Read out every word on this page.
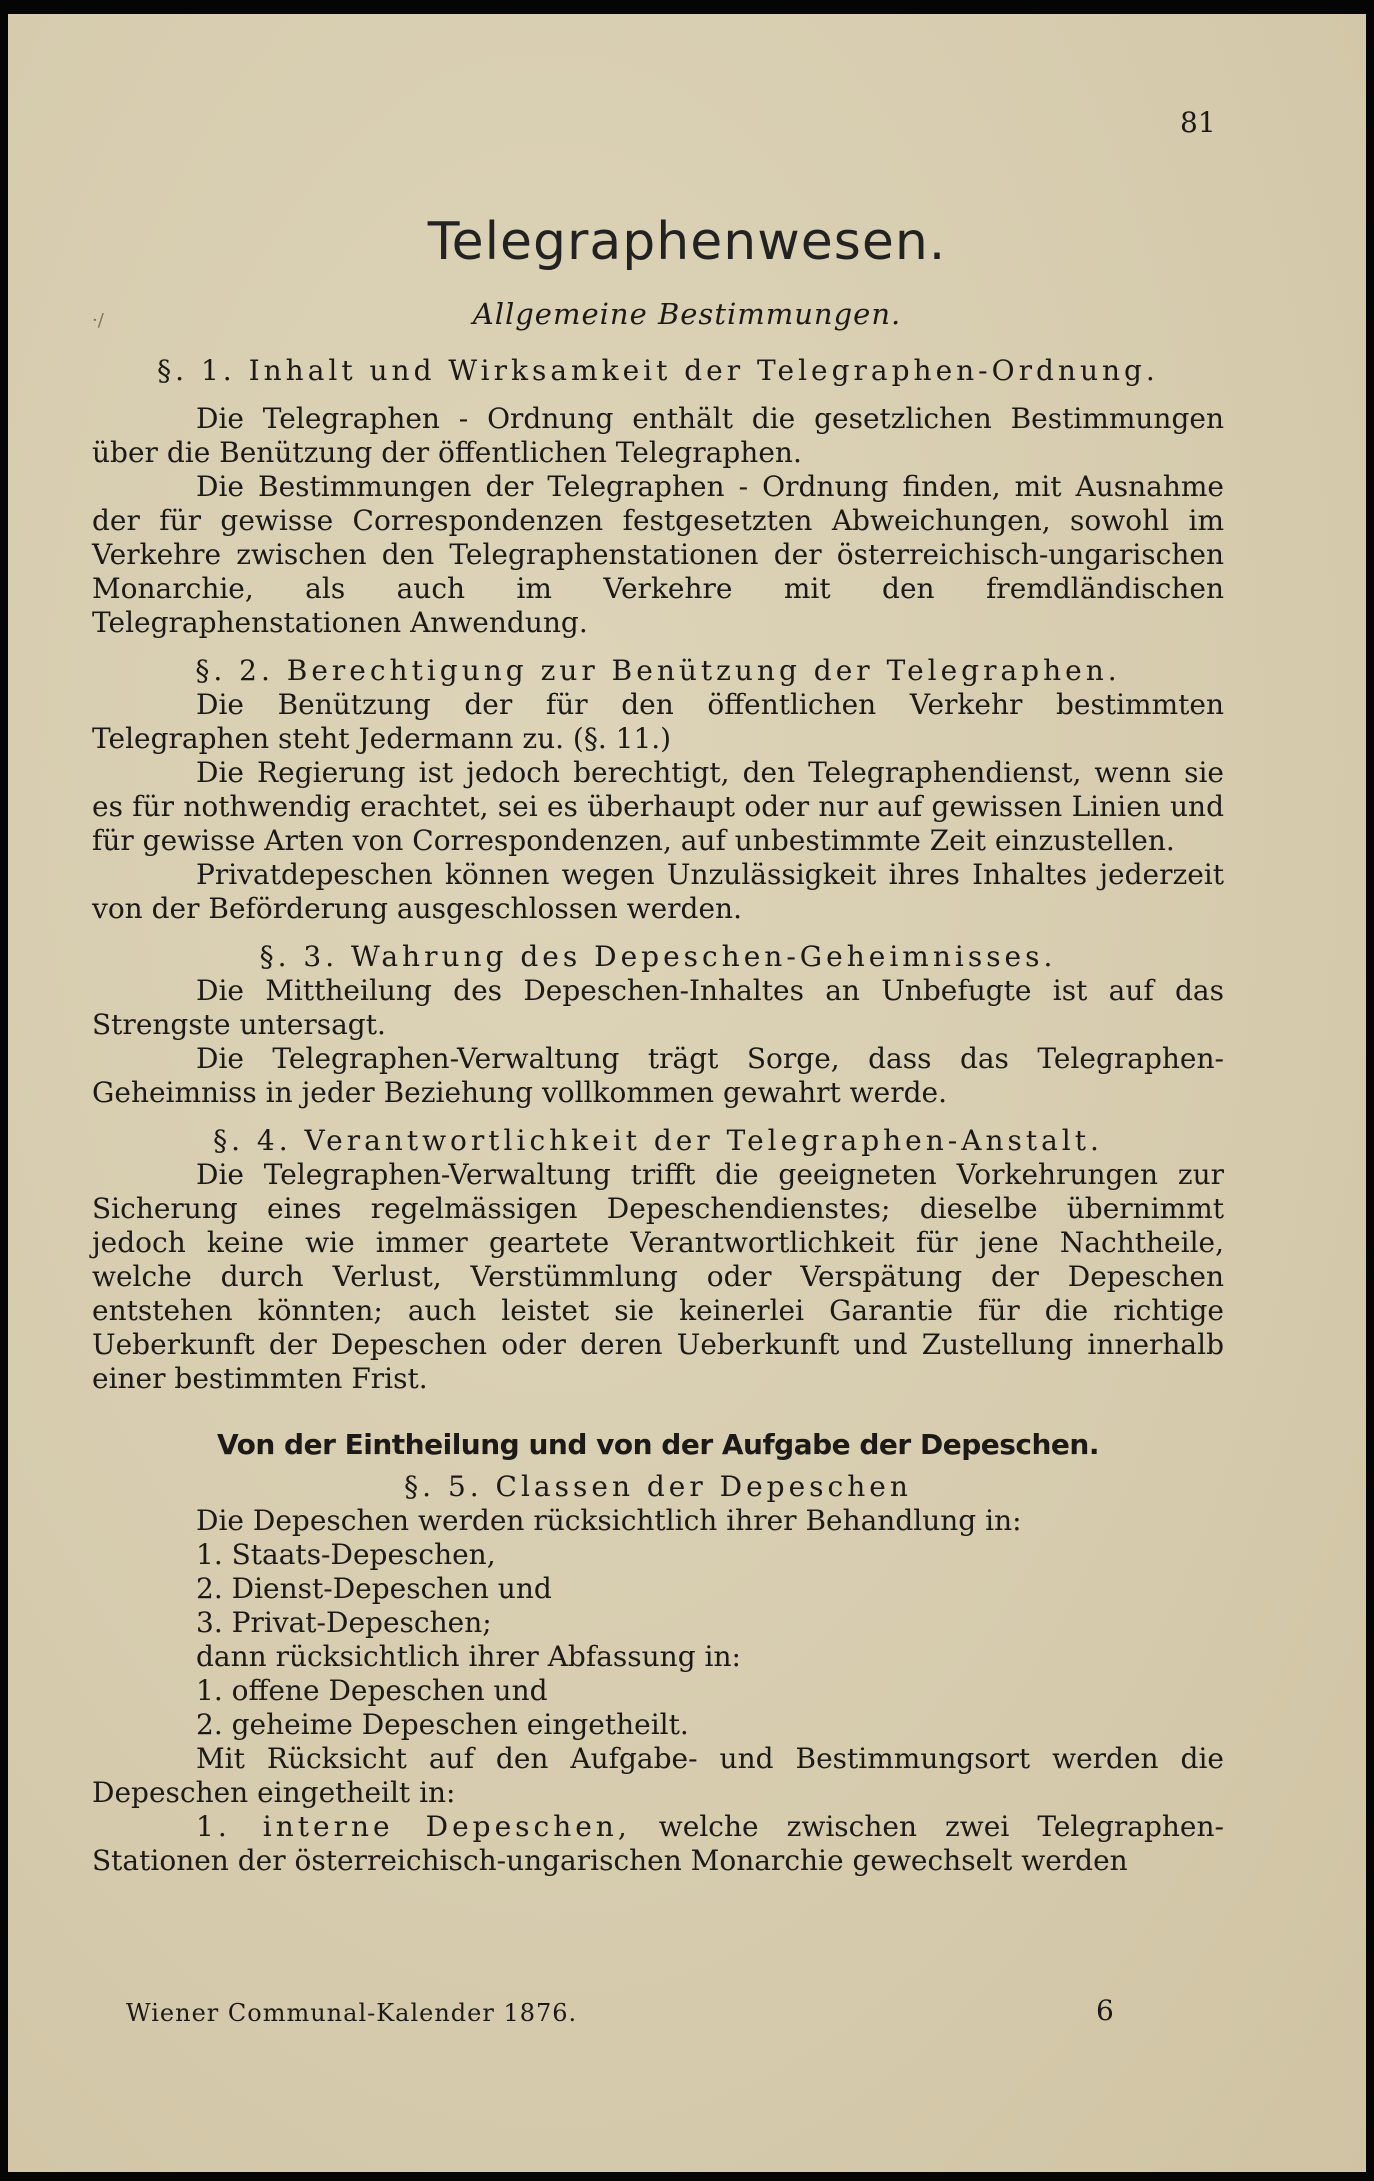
81
Telegraphenwesen.
·/	Allgemeine Bestimmungen.
§. 1. Inhalt und Wirksamkeit der Telegraphen-Ordnung.

Die Telegraphen - Ordnung enthält die gesetzlichen Bestimmungen über die Benützung der öffentlichen Telegraphen.

Die Bestimmungen der Telegraphen - Ordnung finden, mit Ausnahme der für gewisse Correspondenzen festgesetzten Abweichungen, sowohl im Verkehre zwischen den Telegraphenstationen der österreichisch-ungarischen Monarchie, als auch im Verkehre mit den fremdländischen Telegraphenstationen Anwendung.

§. 2. Berechtigung zur Benützung der Telegraphen.

Die Benützung der für den öffentlichen Verkehr bestimmten Telegraphen steht Jedermann zu. (§. 11.)

Die Regierung ist jedoch berechtigt, den Telegraphendienst, wenn sie es für nothwendig erachtet, sei es überhaupt oder nur auf gewissen Linien und für gewisse Arten von Correspondenzen, auf unbestimmte Zeit einzustellen.

Privatdepeschen können wegen Unzulässigkeit ihres Inhaltes jederzeit von der Beförderung ausgeschlossen werden.

§. 3. Wahrung des Depeschen-Geheimnisses.

Die Mittheilung des Depeschen-Inhaltes an Unbefugte ist auf das Strengste untersagt.

Die Telegraphen-Verwaltung trägt Sorge, dass das Telegraphen-Geheimniss in jeder Beziehung vollkommen gewahrt werde.

§. 4. Verantwortlichkeit der Telegraphen-Anstalt.

Die Telegraphen-Verwaltung trifft die geeigneten Vorkehrungen zur Sicherung eines regelmässigen Depeschendienstes; dieselbe übernimmt jedoch keine wie immer geartete Verantwortlichkeit für jene Nachtheile, welche durch Verlust, Verstümmlung oder Verspätung der Depeschen entstehen könnten; auch leistet sie keinerlei Garantie für die richtige Ueberkunft der Depeschen oder deren Ueberkunft und Zustellung innerhalb einer bestimmten Frist.

Von der Eintheilung und von der Aufgabe der Depeschen.
§. 5. Classen der Depeschen

Die Depeschen werden rücksichtlich ihrer Behandlung in:

1. Staats-Depeschen,
2. Dienst-Depeschen und
3. Privat-Depeschen;
dann rücksichtlich ihrer Abfassung in:
1. offene Depeschen und
2. geheime Depeschen eingetheilt.

Mit Rücksicht auf den Aufgabe- und Bestimmungsort werden die Depeschen eingetheilt in:

1. interne Depeschen, welche zwischen zwei Telegraphen-Stationen der österreichisch-ungarischen Monarchie gewechselt werden

Wiener Communal-Kalender 1876.	6
